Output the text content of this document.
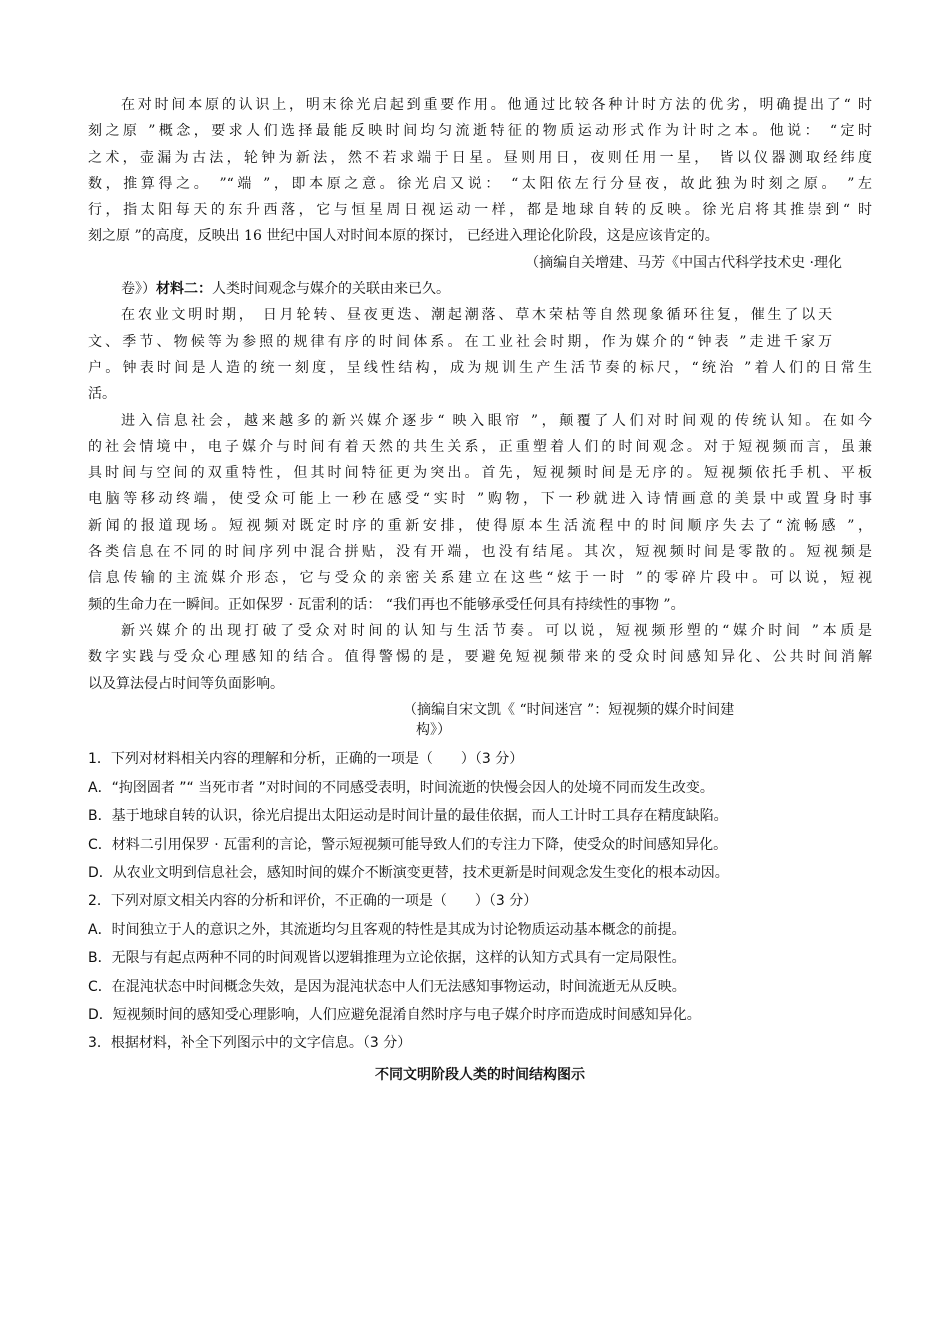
在对时间本原的认识上，明末徐光启起到重要作用。他通过比较各种计时方法的优劣，明确提出了“ 时
刻之原 ”概念，要求人们选择最能反映时间均匀流逝特征的物质运动形式作为计时之本。他说： “定时
之术，壶漏为古法，轮钟为新法，然不若求端于日星。昼则用日，夜则任用一星， 皆以仪器测取经纬度
数，推算得之。 ”“端 ”，即本原之意。徐光启又说： “太阳依左行分昼夜，故此独为时刻之原。 ”左
行，指太阳每天的东升西落，它与恒星周日视运动一样，都是地球自转的反映。徐光启将其推崇到“ 时
刻之原 ”的高度，反映出 16 世纪中国人对时间本原的探讨， 已经进入理论化阶段，这是应该肯定的。
（摘编自关增建、马芳《中国古代科学技术史 ·理化
卷》）材料二：人类时间观念与媒介的关联由来已久。
在农业文明时期， 日月轮转、昼夜更迭、潮起潮落、草木荣枯等自然现象循环往复，催生了以天
文、季节、物候等为参照的规律有序的时间体系。在工业社会时期，作为媒介的“钟表 ”走进千家万
户。钟表时间是人造的统一刻度，呈线性结构，成为规训生产生活节奏的标尺，“统治 ”着人们的日常生
活。
进入信息社会，越来越多的新兴媒介逐步“ 映入眼帘 ”，颠覆了人们对时间观的传统认知。在如今
的社会情境中，电子媒介与时间有着天然的共生关系，正重塑着人们的时间观念。对于短视频而言，虽兼
具时间与空间的双重特性，但其时间特征更为突出。首先，短视频时间是无序的。短视频依托手机、平板
电脑等移动终端，使受众可能上一秒在感受“实时 ”购物，下一秒就进入诗情画意的美景中或置身时事
新闻的报道现场。短视频对既定时序的重新安排，使得原本生活流程中的时间顺序失去了“流畅感 ”，
各类信息在不同的时间序列中混合拼贴，没有开端，也没有结尾。其次，短视频时间是零散的。短视频是
信息传输的主流媒介形态，它与受众的亲密关系建立在这些“炫于一时 ”的零碎片段中。可以说，短视
频的生命力在一瞬间。正如保罗 · 瓦雷利的话： “我们再也不能够承受任何具有持续性的事物 ”。
新兴媒介的出现打破了受众对时间的认知与生活节奏。可以说，短视频形塑的“媒介时间 ”本质是
数字实践与受众心理感知的结合。值得警惕的是，要避免短视频带来的受众时间感知异化、公共时间消解
以及算法侵占时间等负面影响。
（摘编自宋文凯《 “时间迷宫 ”：短视频的媒介时间建
构》）
1．下列对材料相关内容的理解和分析，正确的一项是（　　）（3 分）
A．“拘囹圄者 ”“ 当死市者 ”对时间的不同感受表明，时间流逝的快慢会因人的处境不同而发生改变。
B．基于地球自转的认识，徐光启提出太阳运动是时间计量的最佳依据，而人工计时工具存在精度缺陷。
C．材料二引用保罗 · 瓦雷利的言论，警示短视频可能导致人们的专注力下降，使受众的时间感知异化。
D．从农业文明到信息社会，感知时间的媒介不断演变更替，技术更新是时间观念发生变化的根本动因。
2．下列对原文相关内容的分析和评价，不正确的一项是（　　）（3 分）
A．时间独立于人的意识之外，其流逝均匀且客观的特性是其成为讨论物质运动基本概念的前提。
B．无限与有起点两种不同的时间观皆以逻辑推理为立论依据，这样的认知方式具有一定局限性。
C．在混沌状态中时间概念失效，是因为混沌状态中人们无法感知事物运动，时间流逝无从反映。
D．短视频时间的感知受心理影响，人们应避免混淆自然时序与电子媒介时序而造成时间感知异化。
3．根据材料，补全下列图示中的文字信息。（3 分）
不同文明阶段人类的时间结构图示
